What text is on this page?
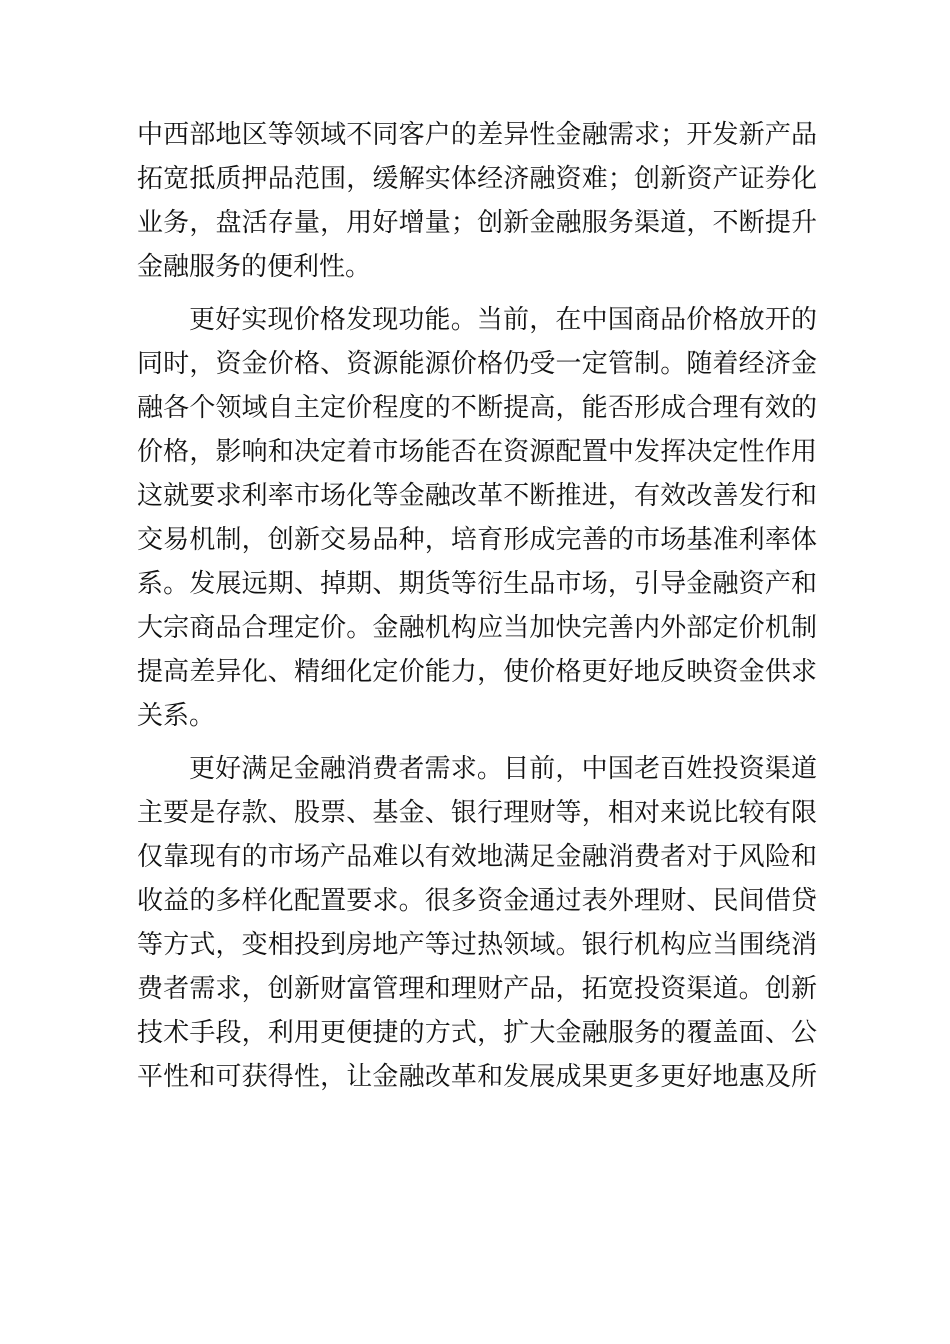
中西部地区等领域不同客户的差异性金融需求；开发新产品
拓宽抵质押品范围，缓解实体经济融资难；创新资产证券化
业务，盘活存量，用好增量；创新金融服务渠道，不断提升
金融服务的便利性。
更好实现价格发现功能。当前，在中国商品价格放开的
同时，资金价格、资源能源价格仍受一定管制。随着经济金
融各个领域自主定价程度的不断提高，能否形成合理有效的
价格，影响和决定着市场能否在资源配置中发挥决定性作用
这就要求利率市场化等金融改革不断推进，有效改善发行和
交易机制，创新交易品种，培育形成完善的市场基准利率体
系。发展远期、掉期、期货等衍生品市场，引导金融资产和
大宗商品合理定价。金融机构应当加快完善内外部定价机制
提高差异化、精细化定价能力，使价格更好地反映资金供求
关系。
更好满足金融消费者需求。目前，中国老百姓投资渠道
主要是存款、股票、基金、银行理财等，相对来说比较有限
仅靠现有的市场产品难以有效地满足金融消费者对于风险和
收益的多样化配置要求。很多资金通过表外理财、民间借贷
等方式，变相投到房地产等过热领域。银行机构应当围绕消
费者需求，创新财富管理和理财产品，拓宽投资渠道。创新
技术手段，利用更便捷的方式，扩大金融服务的覆盖面、公
平性和可获得性，让金融改革和发展成果更多更好地惠及所
